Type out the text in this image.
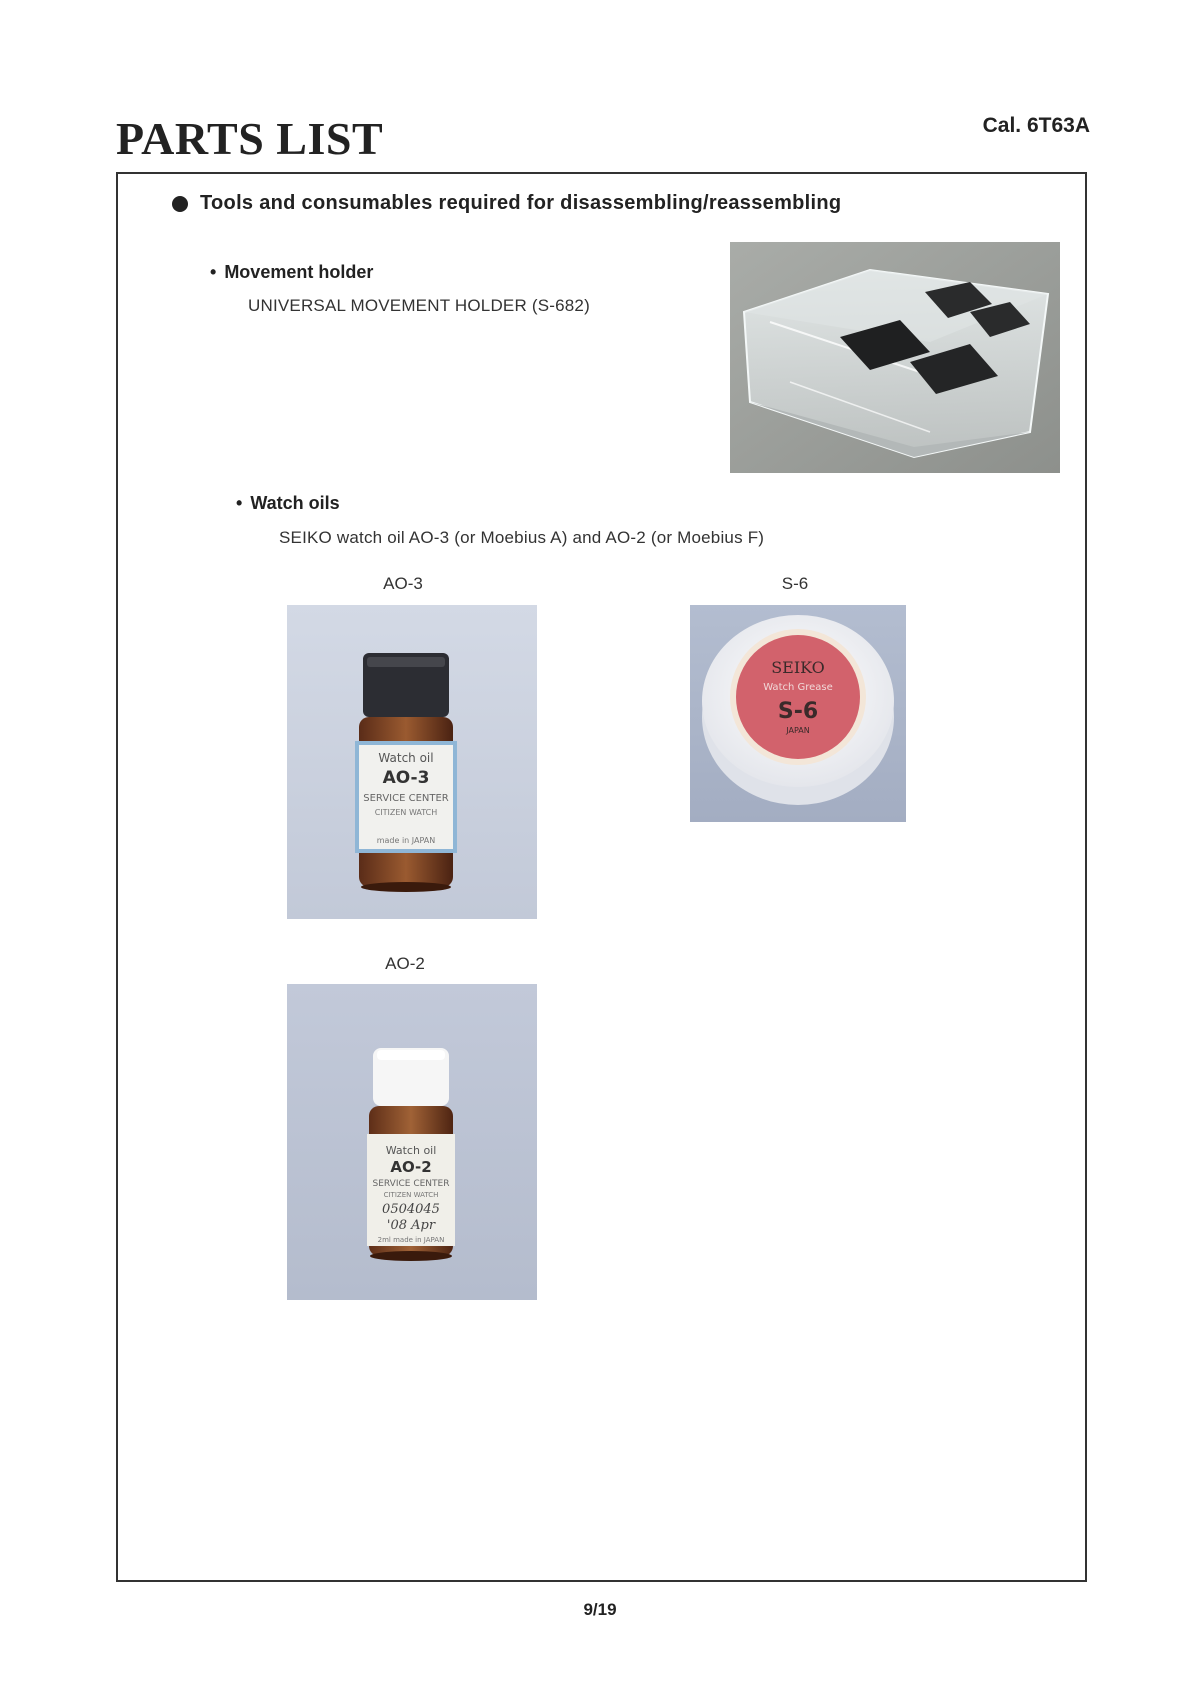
PARTS LIST	Cal. 6T63A
Tools and consumables required for disassembling/reassembling
• Movement holder
UNIVERSAL MOVEMENT HOLDER (S-682)
• Watch oils
SEIKO watch oil AO-3 (or Moebius A) and AO-2 (or Moebius F)
AO-3	S-6
AO-2
Watch oil
AO-3
SERVICE CENTER
CITIZEN WATCH
made in JAPAN
SEIKO
Watch Grease
S-6
JAPAN
Watch oil
AO-2
SERVICE CENTER
CITIZEN WATCH
0504045
'08 Apr
2ml made in JAPAN
9/19
